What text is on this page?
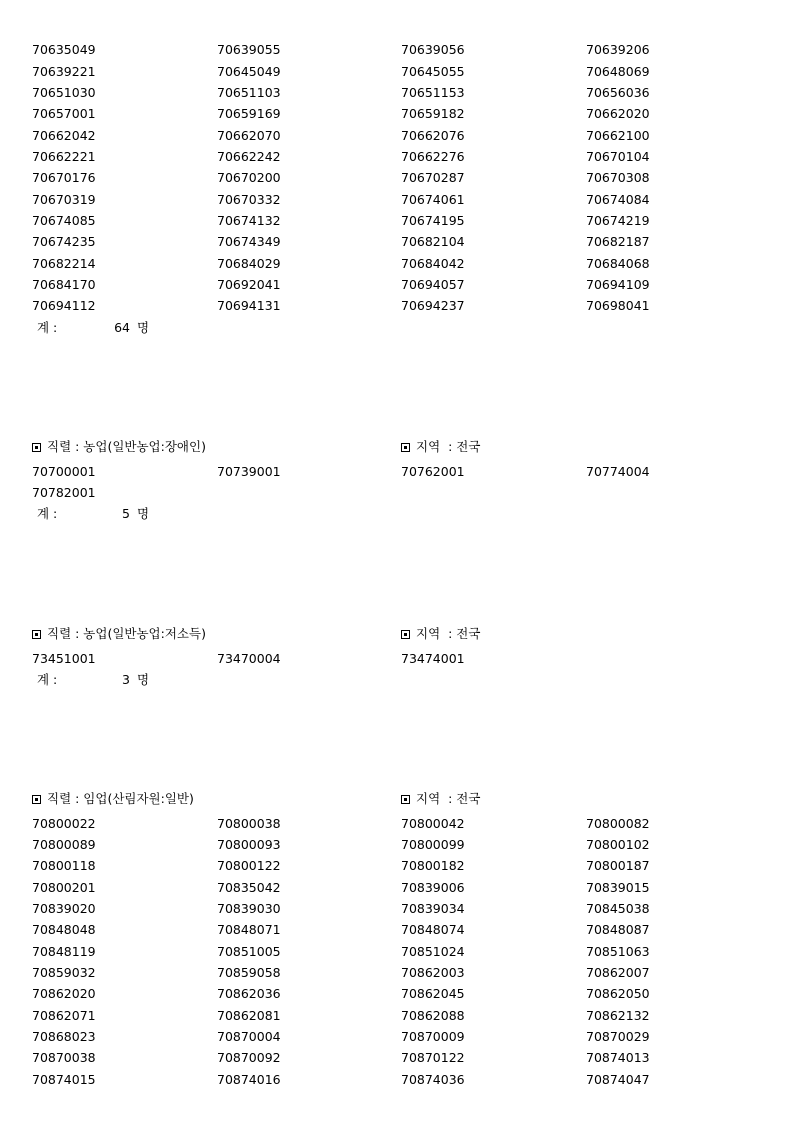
70635049	70639055	70639056	70639206
70639221	70645049	70645055	70648069
70651030	70651103	70651153	70656036
70657001	70659169	70659182	70662020
70662042	70662070	70662076	70662100
70662221	70662242	70662276	70670104
70670176	70670200	70670287	70670308
70670319	70670332	70674061	70674084
70674085	70674132	70674195	70674219
70674235	70674349	70682104	70682187
70682214	70684029	70684042	70684068
70684170	70692041	70694057	70694109
70694112	70694131	70694237	70698041
계 :	64 명
직렬 : 농업(일반농업:장애인)	지역  : 전국
70700001	70739001	70762001	70774004
70782001
계 :	5 명
직렬 : 농업(일반농업:저소득)	지역  : 전국
73451001	73470004	73474001
계 :	3 명
직렬 : 임업(산림자원:일반)	지역  : 전국
70800022	70800038	70800042	70800082
70800089	70800093	70800099	70800102
70800118	70800122	70800182	70800187
70800201	70835042	70839006	70839015
70839020	70839030	70839034	70845038
70848048	70848071	70848074	70848087
70848119	70851005	70851024	70851063
70859032	70859058	70862003	70862007
70862020	70862036	70862045	70862050
70862071	70862081	70862088	70862132
70868023	70870004	70870009	70870029
70870038	70870092	70870122	70874013
70874015	70874016	70874036	70874047
